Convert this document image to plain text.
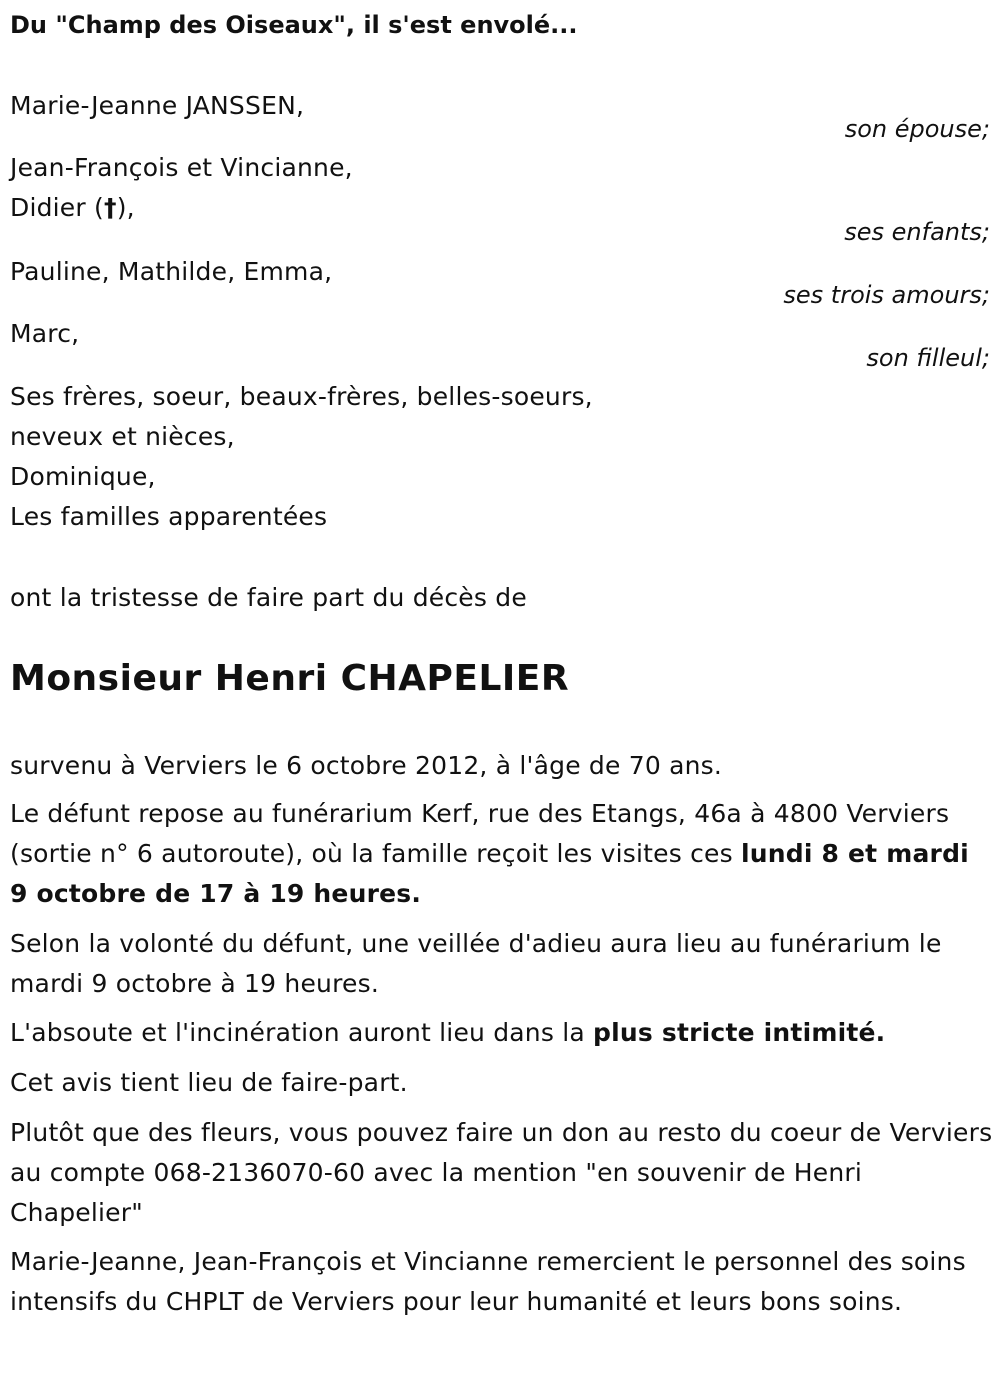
Du "Champ des Oiseaux", il s'est envolé...
Marie-Jeanne JANSSEN,
son épouse;
Jean-François et Vincianne,
Didier (†),
ses enfants;
Pauline, Mathilde, Emma,
ses trois amours;
Marc,
son filleul;
Ses frères, soeur, beaux-frères, belles-soeurs,
neveux et nièces,
Dominique,
Les familles apparentées
ont la tristesse de faire part du décès de
Monsieur Henri CHAPELIER
survenu à Verviers le 6 octobre 2012, à l'âge de 70 ans.
Le défunt repose au funérarium Kerf, rue des Etangs, 46a à 4800 Verviers (sortie n° 6 autoroute), où la famille reçoit les visites ces lundi 8 et mardi 9 octobre de 17 à 19 heures.
Selon la volonté du défunt, une veillée d'adieu aura lieu au funérarium le mardi 9 octobre à 19 heures.
L'absoute et l'incinération auront lieu dans la plus stricte intimité.
Cet avis tient lieu de faire-part.
Plutôt que des fleurs, vous pouvez faire un don au resto du coeur de Verviers au compte 068-2136070-60 avec la mention "en souvenir de Henri Chapelier"
Marie-Jeanne, Jean-François et Vincianne remercient le personnel des soins intensifs du CHPLT de Verviers pour leur humanité et leurs bons soins.
